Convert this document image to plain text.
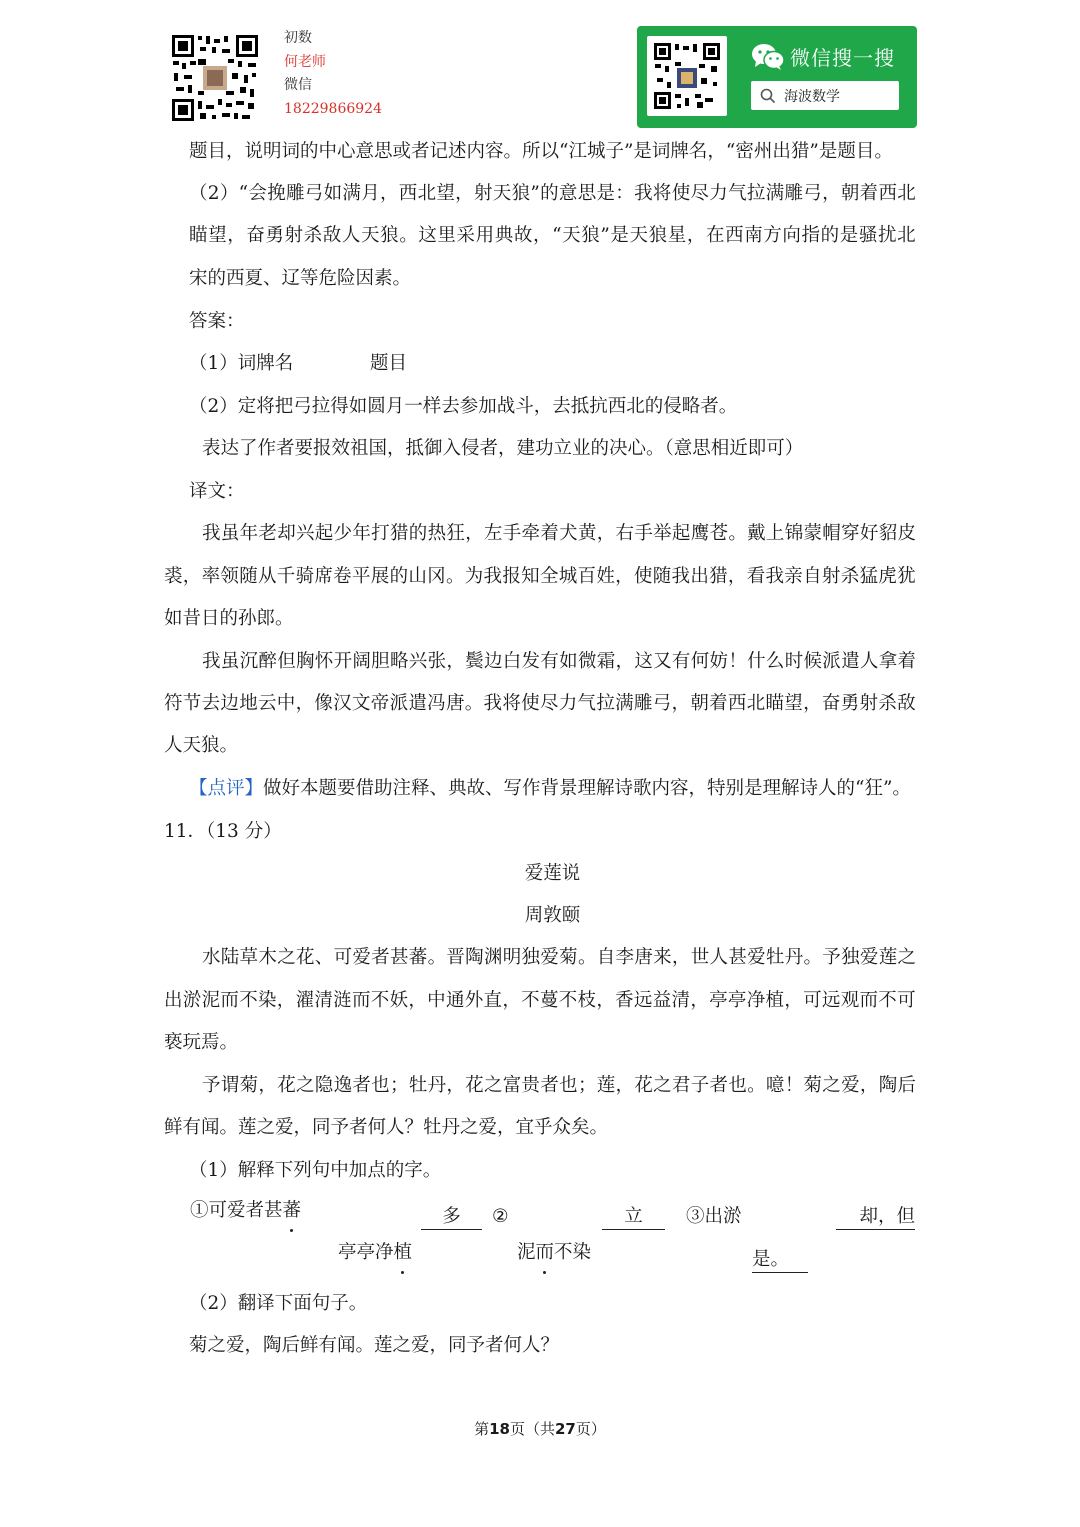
初数
何老师
微信
18229866924
微信搜一搜
海波数学
题目，说明词的中心意思或者记述内容。所以“江城子”是词牌名，“密州出猎”是题目。
（ 2 ） “ 会 挽 雕 弓 如 满 月 ， 西 北 望 ， 射 天 狼 ” 的 意 思 是 ： 我 将 使 尽 力 气 拉 满 雕 弓 ， 朝 着 西 北
瞄 望 ， 奋 勇 射 杀 敌 人 天 狼 。 这 里 采 用 典 故 ， “ 天 狼 ” 是 天 狼 星 ， 在 西 南 方 向 指 的 是 骚 扰 北
宋的西夏、辽等危险因素。
答案：
（1）词牌名	题目
（2）定将把弓拉得如圆月一样去参加战斗，去抵抗西北的侵略者。
表达了作者要报效祖国，抵御入侵者，建功立业的决心。（意思相近即可）
译文：
我 虽 年 老 却 兴 起 少 年 打 猎 的 热 狂 ， 左 手 牵 着 犬 黄 ， 右 手 举 起 鹰 苍 。 戴 上 锦 蒙 帽 穿 好 貂 皮
裘 ， 率 领 随 从 千 骑 席 卷 平 展 的 山 冈 。 为 我 报 知 全 城 百 姓 ， 使 随 我 出 猎 ， 看 我 亲 自 射 杀 猛 虎 犹
如昔日的孙郎。
我 虽 沉 醉 但 胸 怀 开 阔 胆 略 兴 张 ， 鬓 边 白 发 有 如 微 霜 ， 这 又 有 何 妨 ！ 什 么 时 候 派 遣 人 拿 着
符 节 去 边 地 云 中 ， 像 汉 文 帝 派 遣 冯 唐 。 我 将 使 尽 力 气 拉 满 雕 弓 ， 朝 着 西 北 瞄 望 ， 奋 勇 射 杀 敌
人天狼。
【点评】做好本题要借助注释、典故、写作背景理解诗歌内容，特别是理解诗人的“狂”。
11．（13 分）
爱莲说
周敦颐
水 陆 草 木 之 花 、 可 爱 者 甚 蕃 。 晋 陶 渊 明 独 爱 菊 。 自 李 唐 来 ， 世 人 甚 爱 牡 丹 。 予 独 爱 莲 之
出 淤 泥 而 不 染 ， 濯 清 涟 而 不 妖 ， 中 通 外 直 ， 不 蔓 不 枝 ， 香 远 益 清 ， 亭 亭 净 植 ， 可 远 观 而 不 可
亵玩焉。
予 谓 菊 ， 花 之 隐 逸 者 也 ； 牡 丹 ， 花 之 富 贵 者 也 ； 莲 ， 花 之 君 子 者 也 。 噫 ！ 菊 之 爱 ， 陶 后
鲜有闻。莲之爱，同予者何人？牡丹之爱，宜乎众矣。
（1）解释下列句中加点的字。
①可爱者甚蕃	多	②	立	③出淤	却，但
亭亭净植	泥而不染	是。
（2）翻译下面句子。
菊之爱，陶后鲜有闻。莲之爱，同予者何人？
第18页（共27页）
